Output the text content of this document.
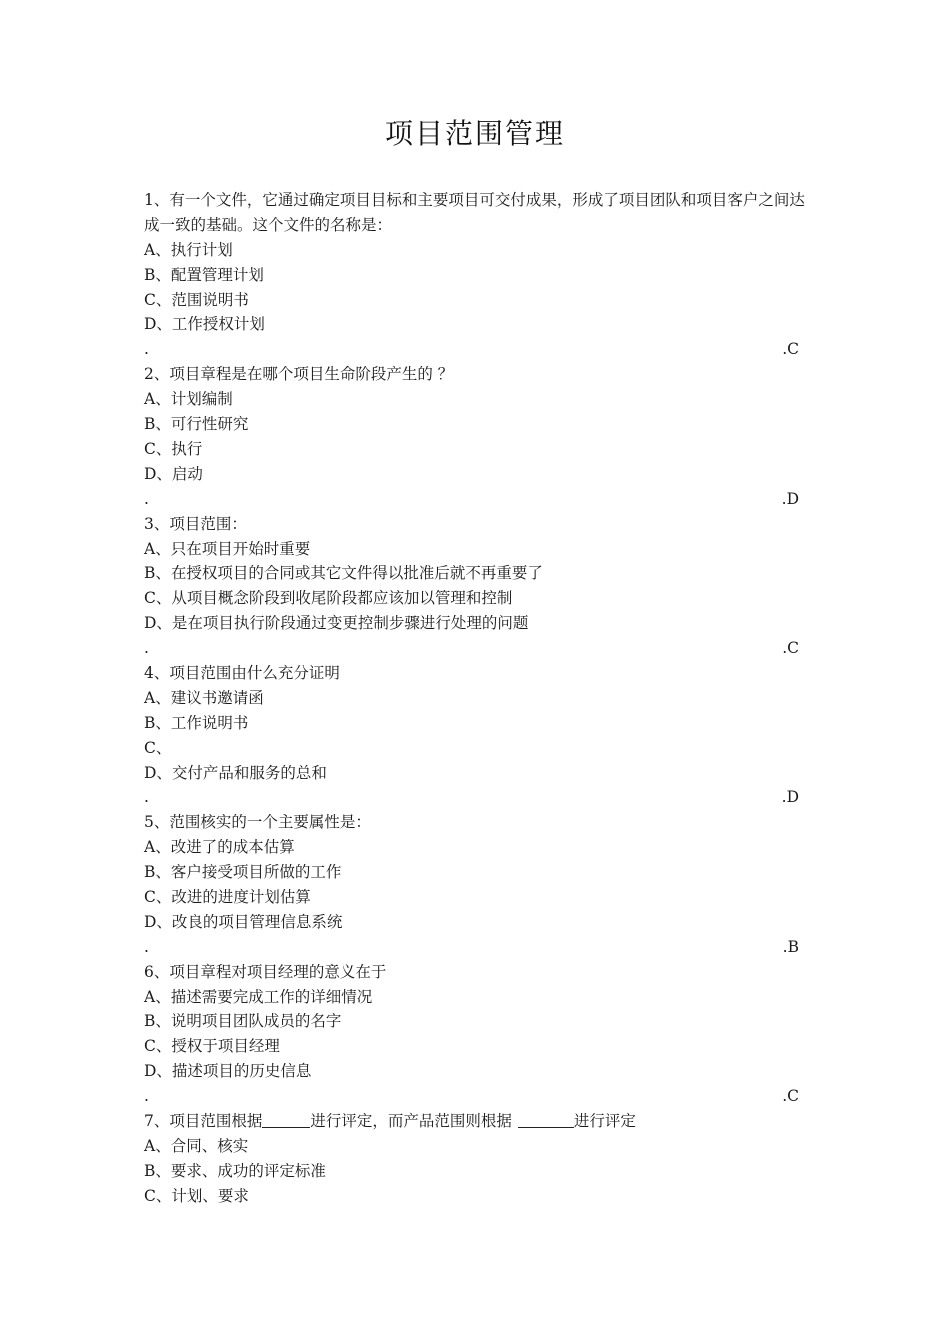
项目范围管理
1、有一个文件，它通过确定项目目标和主要项目可交付成果，形成了项目团队和项目客户之间达成一致的基础。这个文件的名称是：
A、执行计划
B、配置管理计划
C、范围说明书
D、工作授权计划
.	.C
2、项目章程是在哪个项目生命阶段产生的 ？
A、计划编制
B、可行性研究
C、执行
D、启动
.	.D
3、项目范围：
A、只在项目开始时重要
B、在授权项目的合同或其它文件得以批准后就不再重要了
C、从项目概念阶段到收尾阶段都应该加以管理和控制
D、是在项目执行阶段通过变更控制步骤进行处理的问题
.	.C
4、项目范围由什么充分证明
A、建议书邀请函
B、工作说明书
C、
D、交付产品和服务的总和
.	.D
5、范围核实的一个主要属性是：
A、改进了的成本估算
B、客户接受项目所做的工作
C、改进的进度计划估算
D、改良的项目管理信息系统
.	.B
6、项目章程对项目经理的意义在于
A、描述需要完成工作的详细情况
B、说明项目团队成员的名字
C、授权于项目经理
D、描述项目的历史信息
.	.C
7、项目范围根据	进行评定，而产品范围则根据	进行评定
A、合同、核实
B、要求、成功的评定标准
C、计划、要求
